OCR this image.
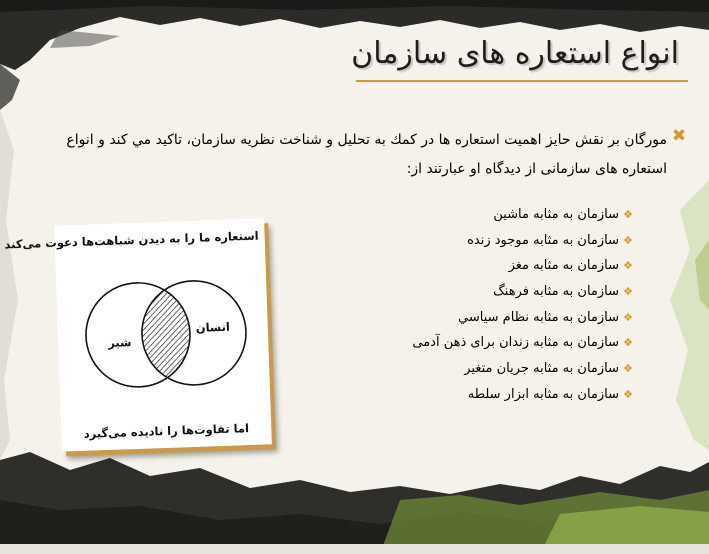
انواع استعاره هاى سازمان
✖
مورگان بر نقش حايز اهميت استعاره ها در كمك به تحليل و شناخت نظريه سازمان، تاكيد مي كند و انواع استعاره هاى سازمانى از ديدگاه او عبارتند از:
❖سازمان به مثابه ماشين
❖سازمان به مثابه موجود زنده
❖سازمان به مثابه مغز
❖سازمان به مثابه فرهنگ
❖سازمان به مثابه نظام سياسي
❖سازمان به مثابه زندان براى ذهن آدمى
❖سازمان به مثابه جريان متغير
❖سازمان به مثابه ابزار سلطه
استعاره ما را به ديدن شباهت‌ها دعوت مى‌كند
شير
انسان
اما تفاوت‌ها را ناديده مى‌گيرد
